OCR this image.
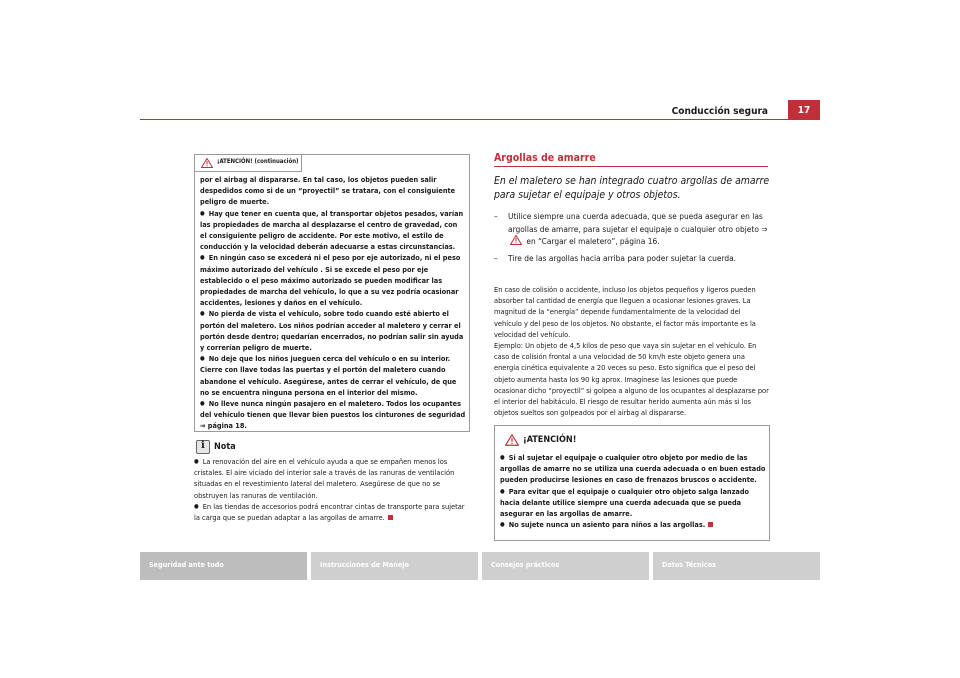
Conducción segura	17
¡ATENCIÓN! (continuación)

por el airbag al dispararse. En tal caso, los objetos pueden salir despedidos como si de un “proyectil” se tratara, con el consiguiente peligro de muerte.

● Hay que tener en cuenta que, al transportar objetos pesados, varían las propiedades de marcha al desplazarse el centro de gravedad, con el consiguiente peligro de accidente. Por este motivo, el estilo de conducción y la velocidad deberán adecuarse a estas circunstancias.

● En ningún caso se excederá ni el peso por eje autorizado, ni el peso máximo autorizado del vehículo . Si se excede el peso por eje establecido o el peso máximo autorizado se pueden modificar las propiedades de marcha del vehículo, lo que a su vez podría ocasionar accidentes, lesiones y daños en el vehículo.

● No pierda de vista el vehículo, sobre todo cuando esté abierto el portón del maletero. Los niños podrían acceder al maletero y cerrar el portón desde dentro; quedarían encerrados, no podrían salir sin ayuda y correrían peligro de muerte.

● No deje que los niños jueguen cerca del vehículo o en su interior. Cierre con llave todas las puertas y el portón del maletero cuando abandone el vehículo. Asegúrese, antes de cerrar el vehículo, de que no se encuentra ninguna persona en el interior del mismo.

● No lleve nunca ningún pasajero en el maletero. Todos los ocupantes del vehículo tienen que llevar bien puestos los cinturones de seguridad

⇒ página 18.

i Nota

● La renovación del aire en el vehículo ayuda a que se empañen menos los cristales. El aire viciado del interior sale a través de las ranuras de ventilación situadas en el revestimiento lateral del maletero. Asegúrese de que no se obstruyen las ranuras de ventilación.

● En las tiendas de accesorios podrá encontrar cintas de transporte para sujetar la carga que se puedan adaptar a las argollas de amarre.

Argollas de amarre
En el maletero se han integrado cuatro argollas de amarre para sujetar el equipaje y otros objetos.
– Utilice siempre una cuerda adecuada, que se pueda asegurar en las argollas de amarre, para sujetar el equipaje o cualquier otro objeto ⇒  en “Cargar el maletero”, página 16.
– Tire de las argollas hacia arriba para poder sujetar la cuerda.

En caso de colisión o accidente, incluso los objetos pequeños y ligeros pueden absorber tal cantidad de energía que lleguen a ocasionar lesiones graves. La magnitud de la “energía” depende fundamentalmente de la velocidad del vehículo y del peso de los objetos. No obstante, el factor más importante es la velocidad del vehículo.

Ejemplo: Un objeto de 4,5 kilos de peso que vaya sin sujetar en el vehículo. En caso de colisión frontal a una velocidad de 50 km/h este objeto genera una energía cinética equivalente a 20 veces su peso. Esto significa que el peso del objeto aumenta hasta los 90 kg aprox. Imagínese las lesiones que puede ocasionar dicho “proyectil” si golpea a alguno de los ocupantes al desplazarse por el interior del habitáculo. El riesgo de resultar herido aumenta aún más si los objetos sueltos son golpeados por el airbag al dispararse.

¡ATENCIÓN!

● Si al sujetar el equipaje o cualquier otro objeto por medio de las argollas de amarre no se utiliza una cuerda adecuada o en buen estado pueden producirse lesiones en caso de frenazos bruscos o accidente.

● Para evitar que el equipaje o cualquier otro objeto salga lanzado hacia delante utilice siempre una cuerda adecuada que se pueda asegurar en las argollas de amarre.

● No sujete nunca un asiento para niños a las argollas.

Seguridad ante todo	Instrucciones de Manejo	Consejos prácticos	Datos Técnicos
